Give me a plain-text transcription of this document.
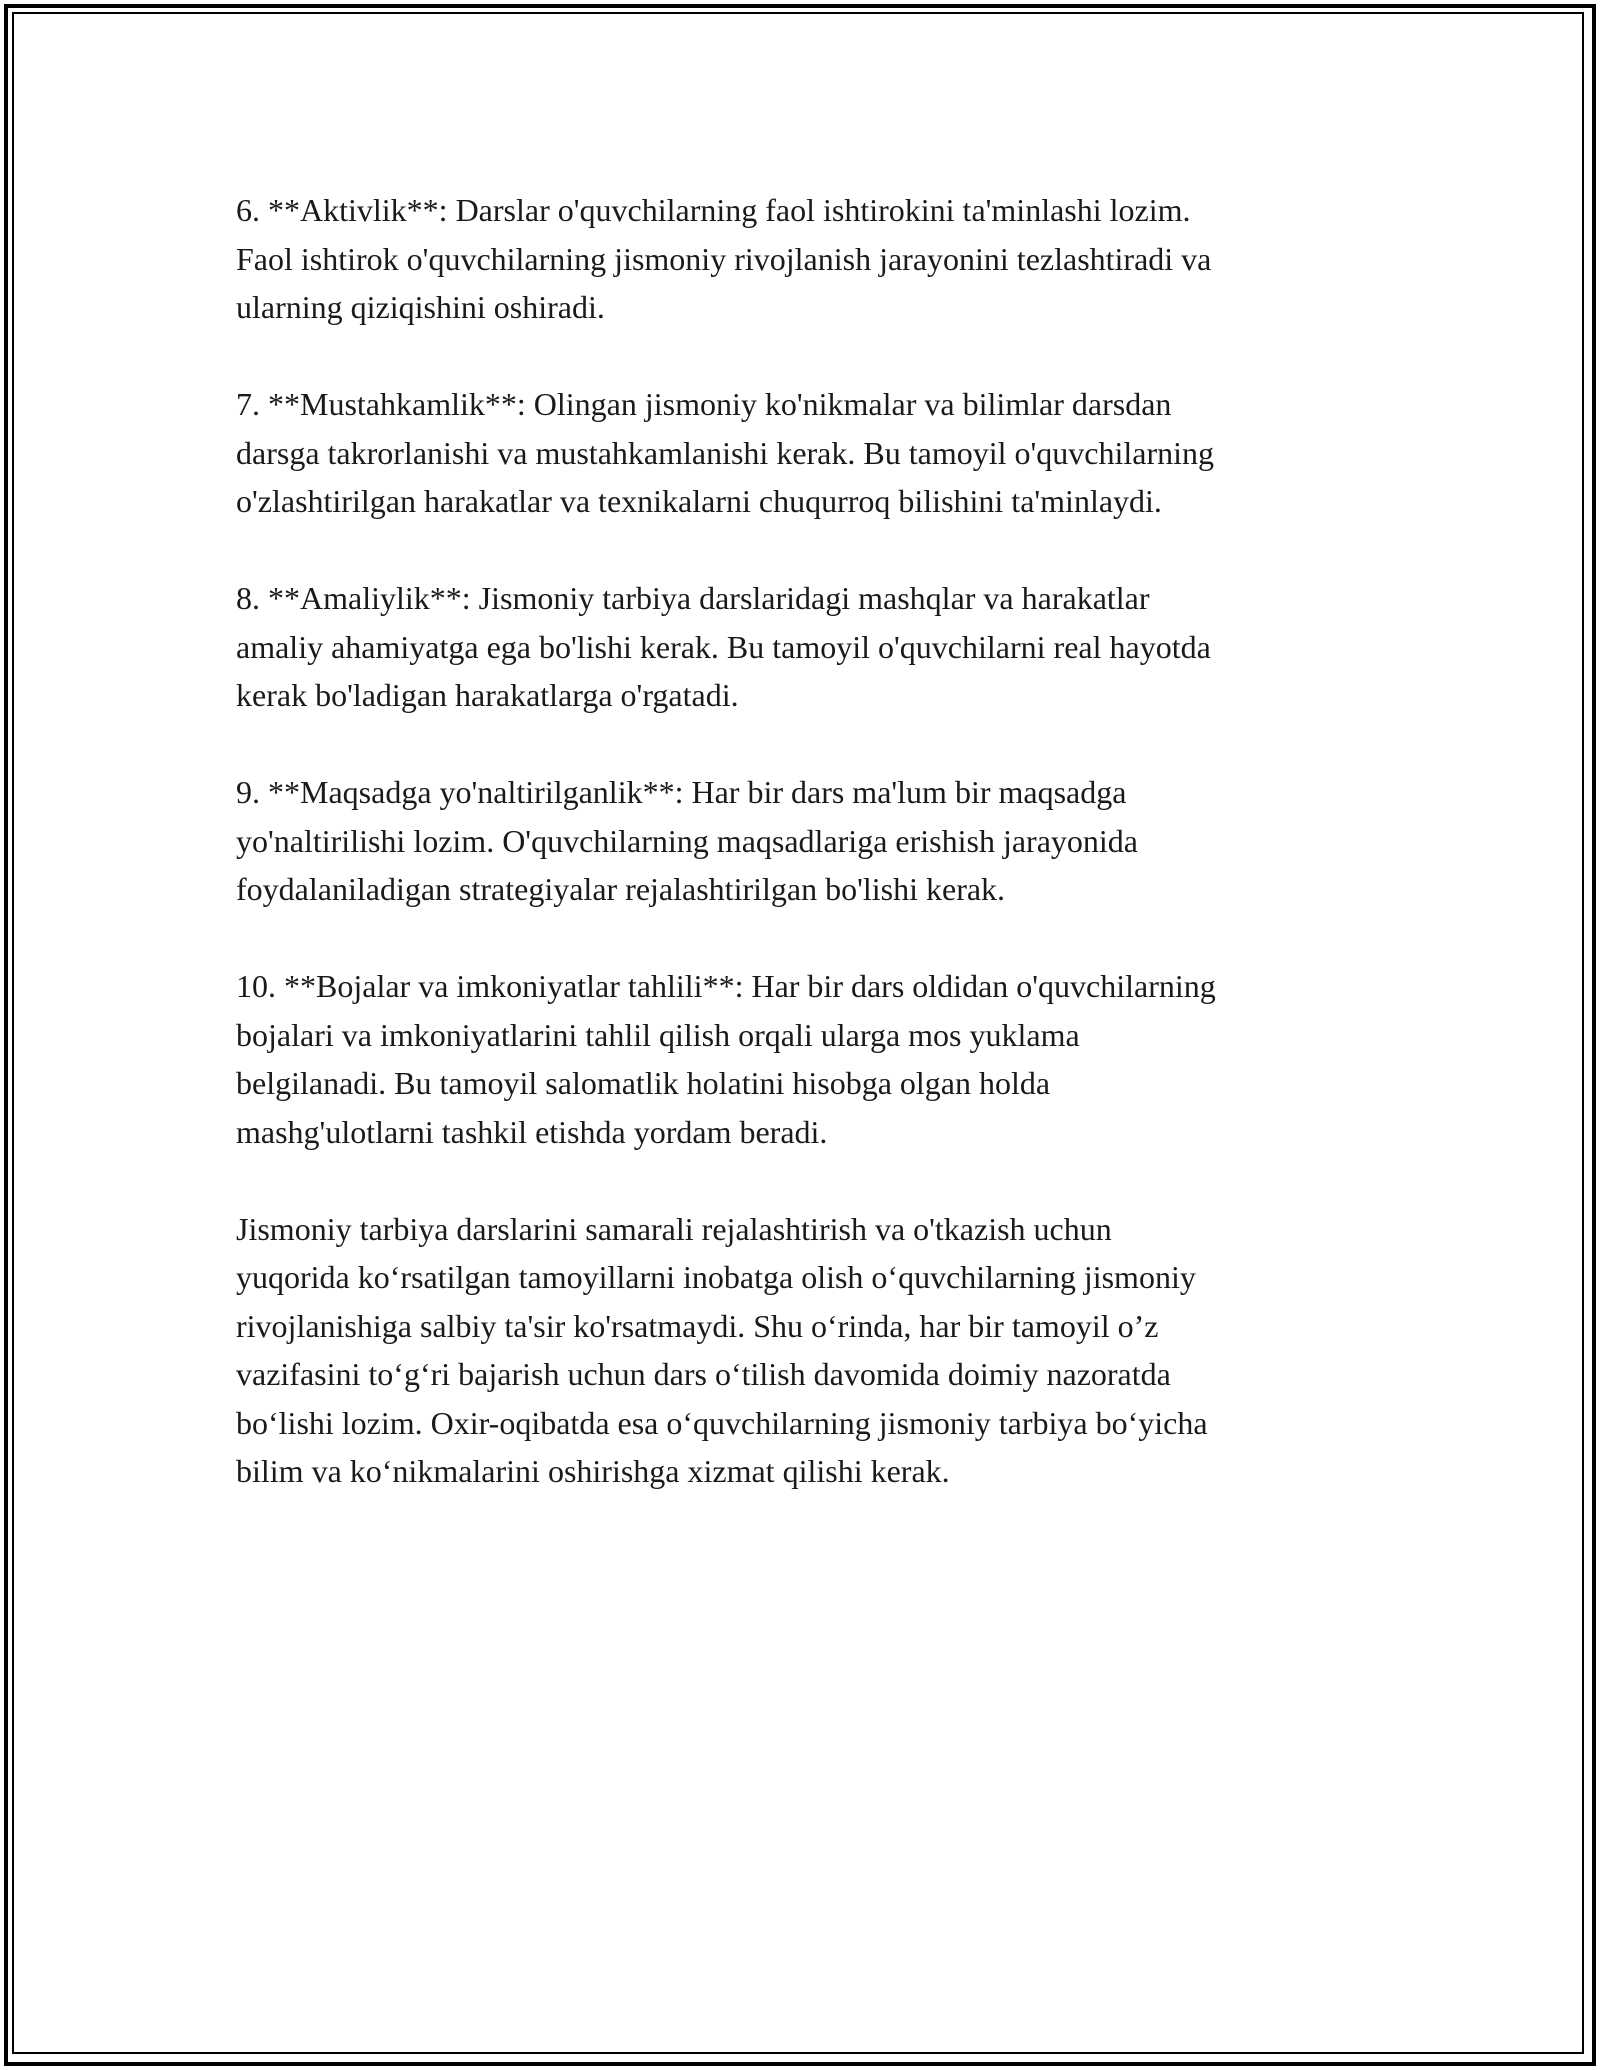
6. **Aktivlik**: Darslar o'quvchilarning faol ishtirokini ta'minlashi lozim.
Faol ishtirok o'quvchilarning jismoniy rivojlanish jarayonini tezlashtiradi va
ularning qiziqishini oshiradi.

7. **Mustahkamlik**: Olingan jismoniy ko'nikmalar va bilimlar darsdan
darsga takrorlanishi va mustahkamlanishi kerak. Bu tamoyil o'quvchilarning
o'zlashtirilgan harakatlar va texnikalarni chuqurroq bilishini ta'minlaydi.

8. **Amaliylik**: Jismoniy tarbiya darslaridagi mashqlar va harakatlar
amaliy ahamiyatga ega bo'lishi kerak. Bu tamoyil o'quvchilarni real hayotda
kerak bo'ladigan harakatlarga o'rgatadi.

9. **Maqsadga yo'naltirilganlik**: Har bir dars ma'lum bir maqsadga
yo'naltirilishi lozim. O'quvchilarning maqsadlariga erishish jarayonida
foydalaniladigan strategiyalar rejalashtirilgan bo'lishi kerak.

10. **Bojalar va imkoniyatlar tahlili**: Har bir dars oldidan o'quvchilarning
bojalari va imkoniyatlarini tahlil qilish orqali ularga mos yuklama
belgilanadi. Bu tamoyil salomatlik holatini hisobga olgan holda
mashg'ulotlarni tashkil etishda yordam beradi.

Jismoniy tarbiya darslarini samarali rejalashtirish va o'tkazish uchun
yuqorida ko‘rsatilgan tamoyillarni inobatga olish o‘quvchilarning jismoniy
rivojlanishiga salbiy ta'sir ko'rsatmaydi. Shu o‘rinda, har bir tamoyil o’z
vazifasini to‘g‘ri bajarish uchun dars o‘tilish davomida doimiy nazoratda
bo‘lishi lozim. Oxir-oqibatda esa o‘quvchilarning jismoniy tarbiya bo‘yicha
bilim va ko‘nikmalarini oshirishga xizmat qilishi kerak.
